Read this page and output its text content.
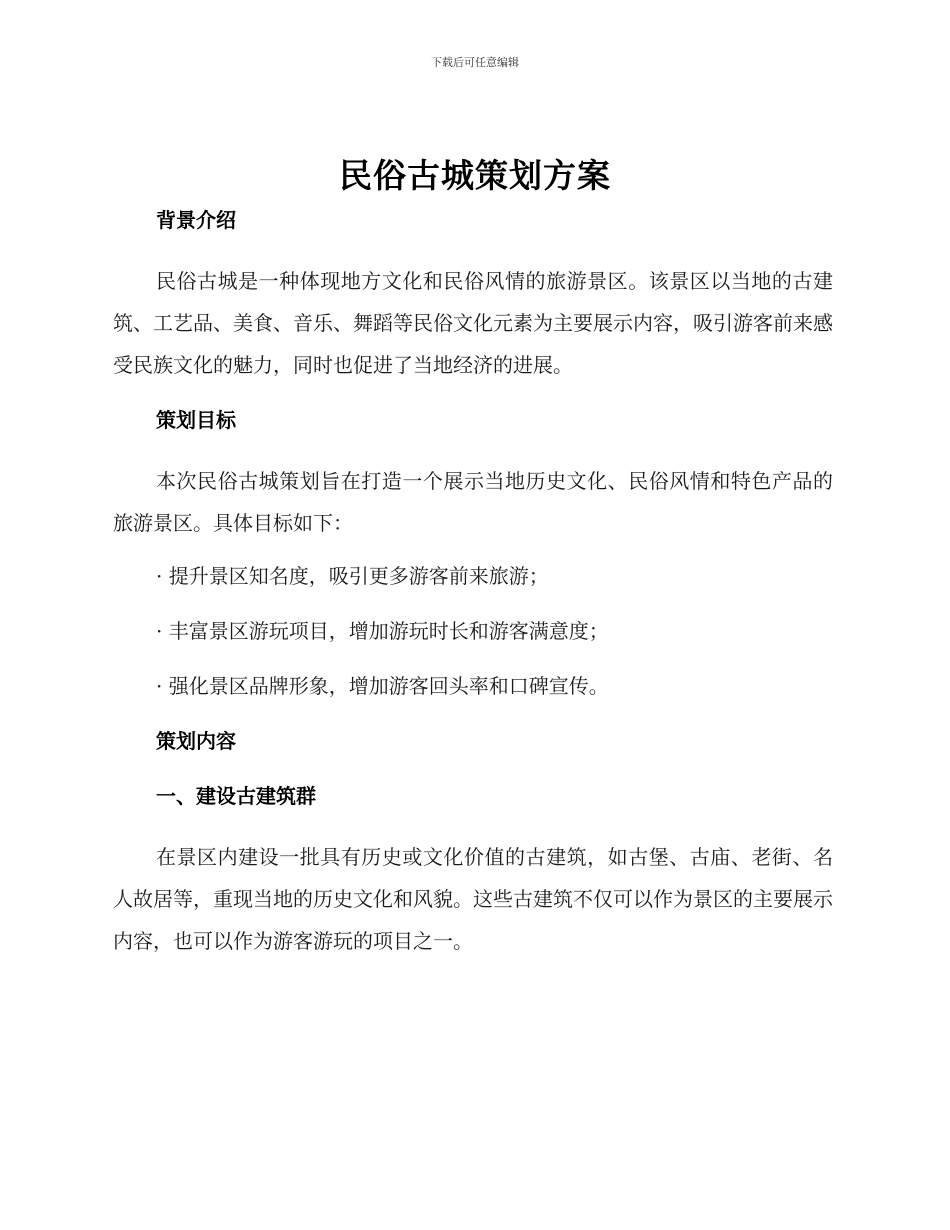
下载后可任意编辑
民俗古城策划方案
背景介绍

民俗古城是一种体现地方文化和民俗风情的旅游景区。该景区以当地的古建筑、工艺品、美食、音乐、舞蹈等民俗文化元素为主要展示内容，吸引游客前来感受民族文化的魅力，同时也促进了当地经济的进展。

策划目标

本次民俗古城策划旨在打造一个展示当地历史文化、民俗风情和特色产品的旅游景区。具体目标如下：

· 提升景区知名度，吸引更多游客前来旅游；

· 丰富景区游玩项目，增加游玩时长和游客满意度；

· 强化景区品牌形象，增加游客回头率和口碑宣传。

策划内容
一、建设古建筑群

在景区内建设一批具有历史或文化价值的古建筑，如古堡、古庙、老街、名人故居等，重现当地的历史文化和风貌。这些古建筑不仅可以作为景区的主要展示内容，也可以作为游客游玩的项目之一。
